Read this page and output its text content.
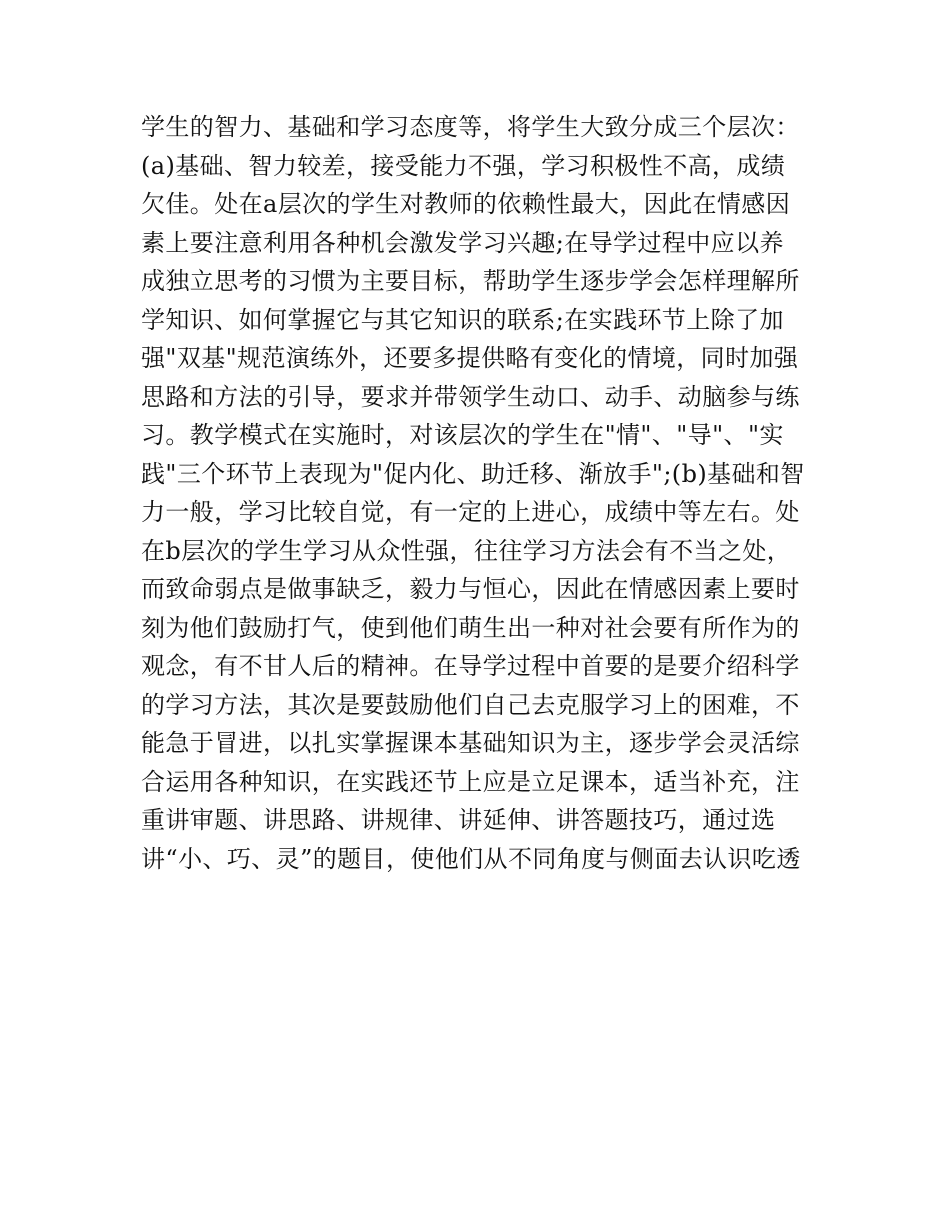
学生的智力、基础和学习态度等，将学生大致分成三个层次：
(a)基础、智力较差，接受能力不强，学习积极性不高，成绩
欠佳。处在a层次的学生对教师的依赖性最大，因此在情感因
素上要注意利用各种机会激发学习兴趣;在导学过程中应以养
成独立思考的习惯为主要目标，帮助学生逐步学会怎样理解所
学知识、如何掌握它与其它知识的联系;在实践环节上除了加
强"双基"规范演练外，还要多提供略有变化的情境，同时加强
思路和方法的引导，要求并带领学生动口、动手、动脑参与练
习。教学模式在实施时，对该层次的学生在"情"、"导"、"实
践"三个环节上表现为"促内化、助迁移、渐放手";(b)基础和智
力一般，学习比较自觉，有一定的上进心，成绩中等左右。处
在b层次的学生学习从众性强，往往学习方法会有不当之处，
而致命弱点是做事缺乏，毅力与恒心，因此在情感因素上要时
刻为他们鼓励打气，使到他们萌生出一种对社会要有所作为的
观念，有不甘人后的精神。在导学过程中首要的是要介绍科学
的学习方法，其次是要鼓励他们自己去克服学习上的困难，不
能急于冒进，以扎实掌握课本基础知识为主，逐步学会灵活综
合运用各种知识，在实践还节上应是立足课本，适当补充，注
重讲审题、讲思路、讲规律、讲延伸、讲答题技巧，通过选
讲“小、巧、灵”的题目，使他们从不同角度与侧面去认识吃透
